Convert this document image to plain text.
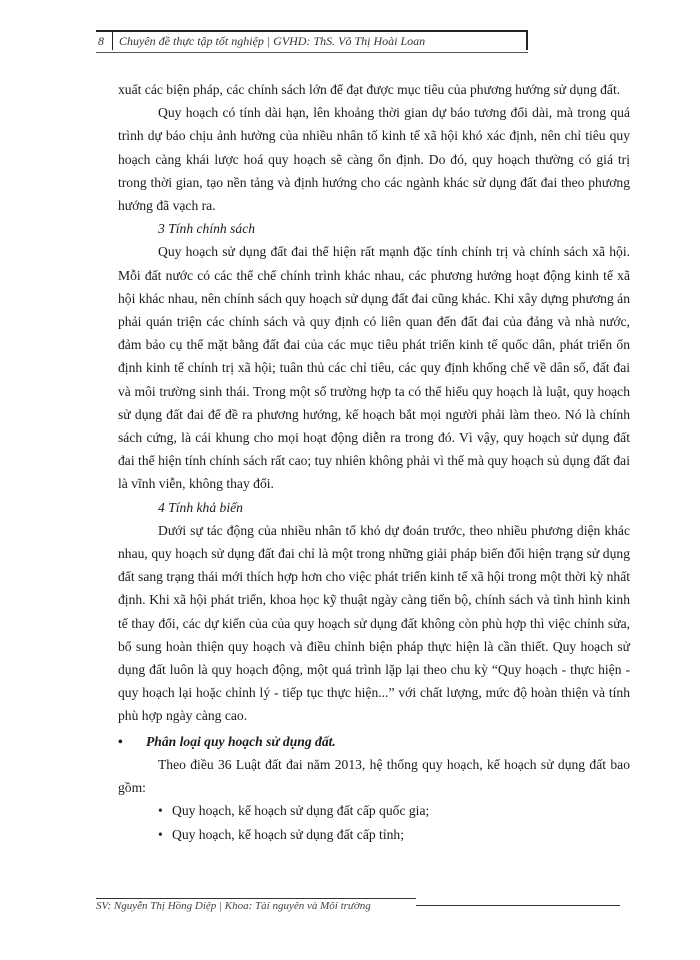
8 Chuyên đề thực tập tốt nghiệp | GVHD: ThS. Võ Thị Hoài Loan

xuất các biện pháp, các chính sách lớn để đạt được mục tiêu của phương hướng sử dụng đất.

Quy hoạch có tính dài hạn, lên khoảng thời gian dự báo tương đối dài, mà trong quá trình dự báo chịu ảnh hưởng của nhiều nhân tố kinh tế xã hội khó xác định, nên chỉ tiêu quy hoạch càng khái lược hoá quy hoạch sẽ càng ổn định. Do đó, quy hoạch thường có giá trị trong thời gian, tạo nền tảng và định hướng cho các ngành khác sử dụng đất đai theo phương hướng đã vạch ra.

3 Tính chính sách

Quy hoạch sử dụng đất đai thể hiện rất mạnh đặc tính chính trị và chính sách xã hội. Mỗi đất nước có các thể chế chính trình khác nhau, các phương hướng hoạt động kinh tế xã hội khác nhau, nên chính sách quy hoạch sử dụng đất đai cũng khác. Khi xây dựng phương án phải quán triện các chính sách và quy định có liên quan đến đất đai của đảng và nhà nước, đảm bảo cụ thể mặt bằng đất đai của các mục tiêu phát triển kinh tế quốc dân, phát triển ổn định kinh tế chính trị xã hội; tuân thủ các chỉ tiêu, các quy định khống chế về dân số, đất đai và môi trường sinh thái. Trong một số trường hợp ta có thể hiểu quy hoạch là luật, quy hoạch sử dụng đất đai để đề ra phương hướng, kế hoạch bắt mọi người phải làm theo. Nó là chính sách cứng, là cái khung cho mọi hoạt động diễn ra trong đó. Vì vậy, quy hoạch sử dụng đất đai thể hiện tính chính sách rất cao; tuy nhiên không phải vì thế mà quy hoạch sủ dụng đất đai là vĩnh viễn, không thay đổi.

4 Tính khả biến

Dưới sự tác động của nhiều nhân tố khó dự đoán trước, theo nhiều phương diện khác nhau, quy hoạch sử dụng đất đai chỉ là một trong những giải pháp biến đổi hiện trạng sử dụng đất sang trạng thái mới thích hợp hơn cho việc phát triển kinh tế xã hội trong một thời kỳ nhất định. Khi xã hội phát triển, khoa học kỹ thuật ngày càng tiến bộ, chính sách và tình hình kinh tế thay đổi, các dự kiến của của quy hoạch sử dụng đất không còn phù hợp thì việc chỉnh sửa, bổ sung hoàn thiện quy hoạch và điều chỉnh biện pháp thực hiện là cần thiết. Quy hoạch sử dụng đất luôn là quy hoạch động, một quá trình lặp lại theo chu kỳ “Quy hoạch - thực hiện - quy hoạch lại hoặc chỉnh lý - tiếp tục thực hiện...” với chất lượng, mức độ hoàn thiện và tính phù hợp ngày càng cao.

•	Phân loại quy hoạch sử dụng đất.

Theo điều 36 Luật đất đai năm 2013, hệ thống quy hoạch, kế hoạch sử dụng đất bao gồm:

• Quy hoạch, kế hoạch sử dụng đất cấp quốc gia;
• Quy hoạch, kế hoạch sử dụng đất cấp tỉnh;
SV: Nguyễn Thị Hồng Diệp | Khoa: Tài nguyên và Môi trường
